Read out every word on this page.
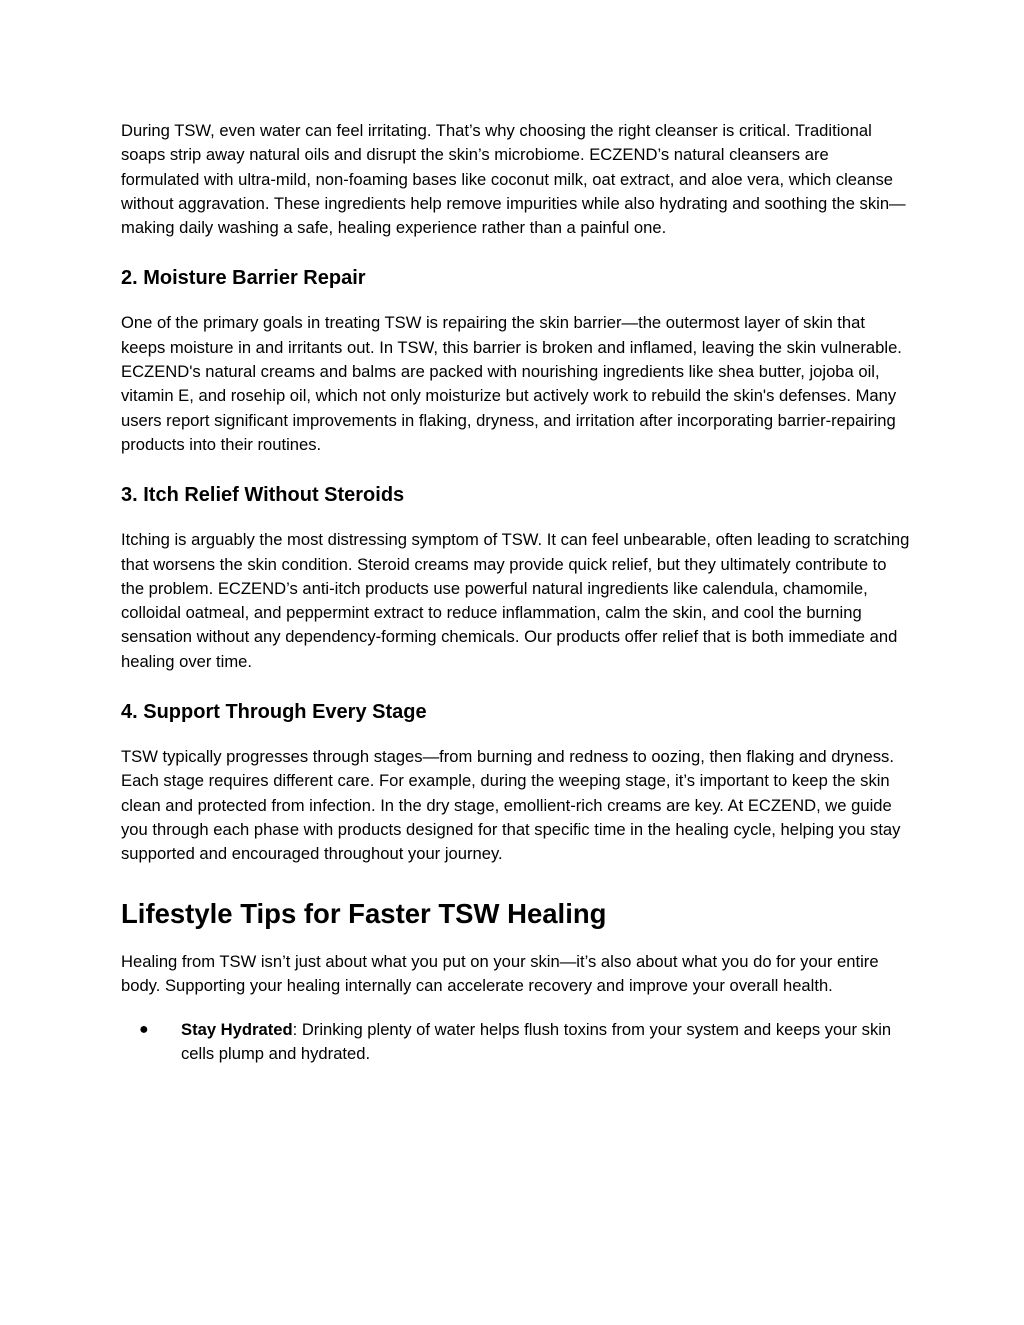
During TSW, even water can feel irritating. That’s why choosing the right cleanser is critical. Traditional soaps strip away natural oils and disrupt the skin’s microbiome. ECZEND’s natural cleansers are formulated with ultra-mild, non-foaming bases like coconut milk, oat extract, and aloe vera, which cleanse without aggravation. These ingredients help remove impurities while also hydrating and soothing the skin—making daily washing a safe, healing experience rather than a painful one.

2. Moisture Barrier Repair

One of the primary goals in treating TSW is repairing the skin barrier—the outermost layer of skin that keeps moisture in and irritants out. In TSW, this barrier is broken and inflamed, leaving the skin vulnerable. ECZEND's natural creams and balms are packed with nourishing ingredients like shea butter, jojoba oil, vitamin E, and rosehip oil, which not only moisturize but actively work to rebuild the skin's defenses. Many users report significant improvements in flaking, dryness, and irritation after incorporating barrier-repairing products into their routines.

3. Itch Relief Without Steroids

Itching is arguably the most distressing symptom of TSW. It can feel unbearable, often leading to scratching that worsens the skin condition. Steroid creams may provide quick relief, but they ultimately contribute to the problem. ECZEND’s anti-itch products use powerful natural ingredients like calendula, chamomile, colloidal oatmeal, and peppermint extract to reduce inflammation, calm the skin, and cool the burning sensation without any dependency-forming chemicals. Our products offer relief that is both immediate and healing over time.

4. Support Through Every Stage

TSW typically progresses through stages—from burning and redness to oozing, then flaking and dryness. Each stage requires different care. For example, during the weeping stage, it’s important to keep the skin clean and protected from infection. In the dry stage, emollient-rich creams are key. At ECZEND, we guide you through each phase with products designed for that specific time in the healing cycle, helping you stay supported and encouraged throughout your journey.

Lifestyle Tips for Faster TSW Healing

Healing from TSW isn’t just about what you put on your skin—it’s also about what you do for your entire body. Supporting your healing internally can accelerate recovery and improve your overall health.

● Stay Hydrated: Drinking plenty of water helps flush toxins from your system and keeps your skin cells plump and hydrated.
